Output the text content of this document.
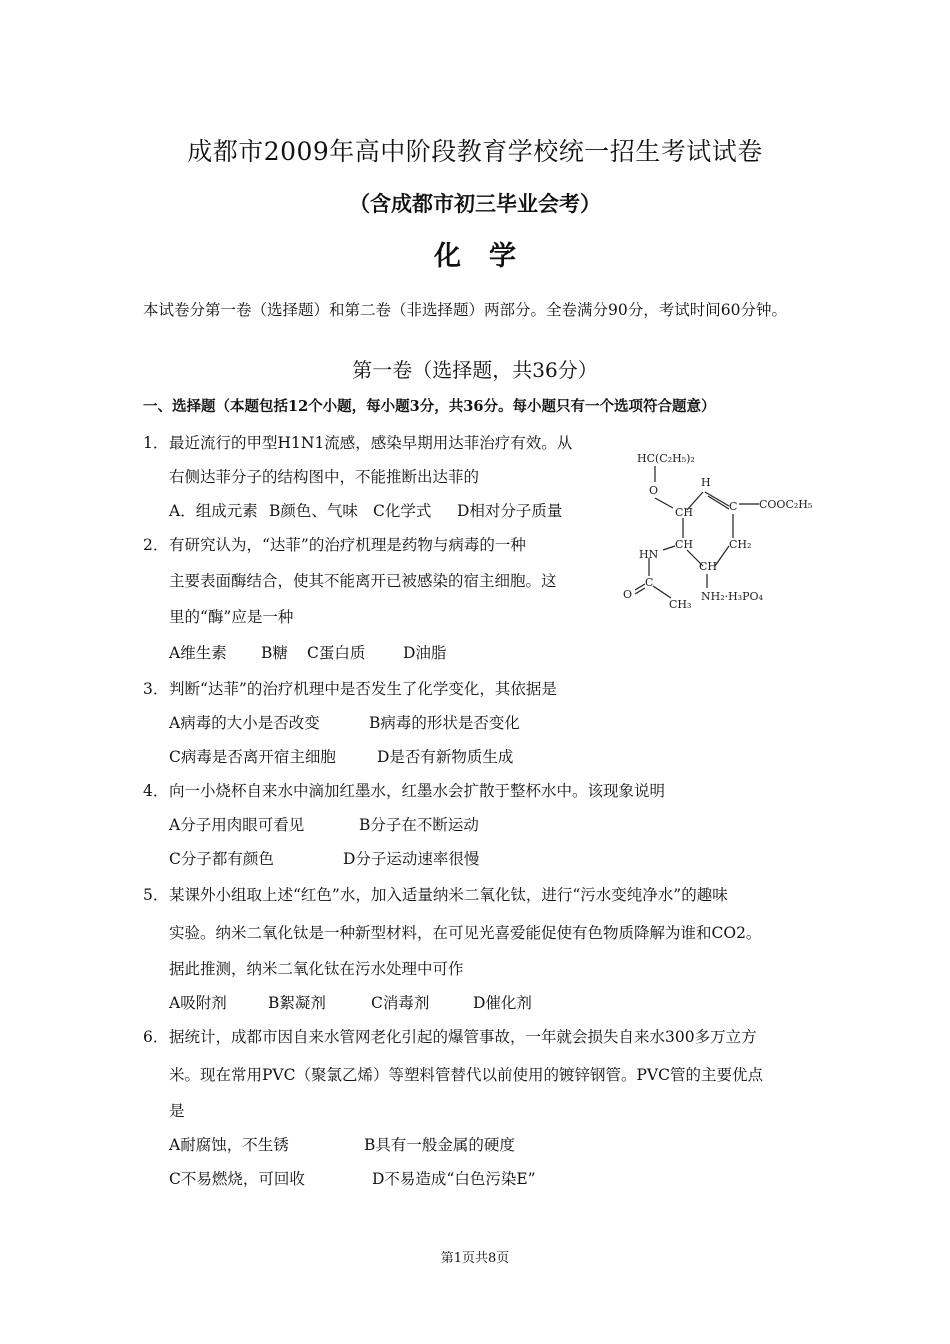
成都市2009年高中阶段教育学校统一招生考试试卷
（含成都市初三毕业会考）
化学
本试卷分第一卷（选择题）和第二卷（非选择题）两部分。全卷满分90分，考试时间60分钟。
第一卷（选择题，共36分）
一、选择题（本题包括12个小题，每小题3分，共36分。每小题只有一个选项符合题意）
1．最近流行的甲型H1N1流感，感染早期用达菲治疗有效。从
右侧达菲分子的结构图中，不能推断出达菲的
A．组成元素 B颜色、气味 C化学式 D相对分子质量
2．有研究认为，“达菲”的治疗机理是药物与病毒的一种
主要表面酶结合，使其不能离开已被感染的宿主细胞。这
里的“酶”应是一种
A维生素 B糖 C蛋白质 D油脂
3．判断“达菲”的治疗机理中是否发生了化学变化，其依据是
A病毒的大小是否改变	B病毒的形状是否变化
C病毒是否离开宿主细胞	D是否有新物质生成
4．向一小烧杯自来水中滴加红墨水，红墨水会扩散于整杯水中。该现象说明
A分子用肉眼可看见	B分子在不断运动
C分子都有颜色	D分子运动速率很慢
5．某课外小组取上述“红色”水，加入适量纳米二氧化钛，进行“污水变纯净水”的趣味
实验。纳米二氧化钛是一种新型材料，在可见光喜爱能促使有色物质降解为谁和CO2。
据此推测，纳米二氧化钛在污水处理中可作
A吸附剂	B絮凝剂	C消毒剂	D催化剂
6．据统计，成都市因自来水管网老化引起的爆管事故，一年就会损失自来水300多万立方
米。现在常用PVC（聚氯乙烯）等塑料管替代以前使用的镀锌钢管。PVC管的主要优点
是
A耐腐蚀，不生锈	B具有一般金属的硬度
C不易燃烧，可回收	D不易造成“白色污染E”
HC(C₂H₅)₂
O
CH
H
C COOC₂H₅
CH	CH₂
HN
CH
C
O
CH₃
NH₂·H₃PO₄
第1页共8页
